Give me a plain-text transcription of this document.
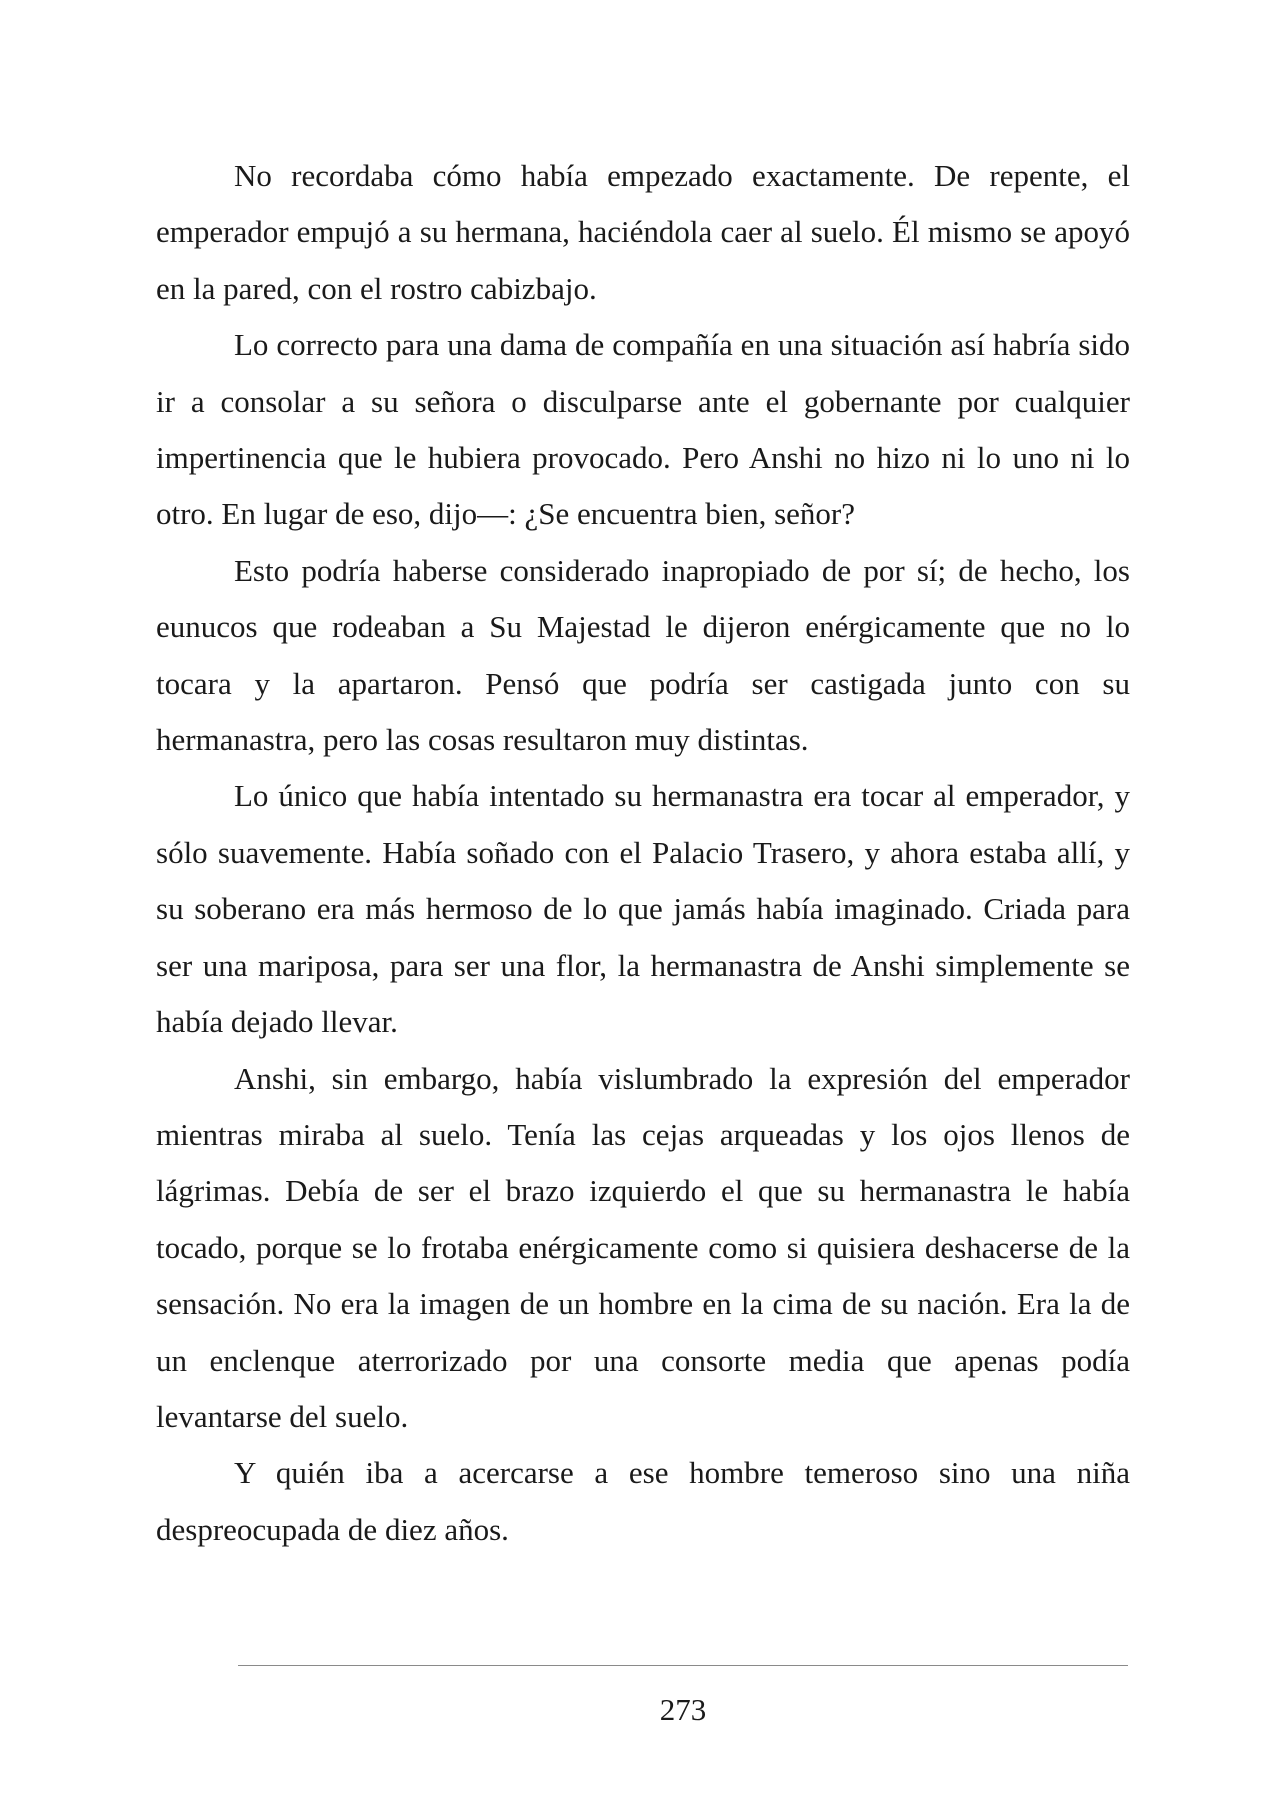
No recordaba cómo había empezado exactamente. De repente, el emperador empujó a su hermana, haciéndola caer al suelo. Él mismo se apoyó en la pared, con el rostro cabizbajo.

Lo correcto para una dama de compañía en una situación así habría sido ir a consolar a su señora o disculparse ante el gobernante por cualquier impertinencia que le hubiera provocado. Pero Anshi no hizo ni lo uno ni lo otro. En lugar de eso, dijo—: ¿Se encuentra bien, señor?

Esto podría haberse considerado inapropiado de por sí; de hecho, los eunucos que rodeaban a Su Majestad le dijeron enérgicamente que no lo tocara y la apartaron. Pensó que podría ser castigada junto con su hermanastra, pero las cosas resultaron muy distintas.

Lo único que había intentado su hermanastra era tocar al emperador, y sólo suavemente. Había soñado con el Palacio Trasero, y ahora estaba allí, y su soberano era más hermoso de lo que jamás había imaginado. Criada para ser una mariposa, para ser una flor, la hermanastra de Anshi simplemente se había dejado llevar.

Anshi, sin embargo, había vislumbrado la expresión del emperador mientras miraba al suelo. Tenía las cejas arqueadas y los ojos llenos de lágrimas. Debía de ser el brazo izquierdo el que su hermanastra le había tocado, porque se lo frotaba enérgicamente como si quisiera deshacerse de la sensación. No era la imagen de un hombre en la cima de su nación. Era la de un enclenque aterrorizado por una consorte media que apenas podía levantarse del suelo.

Y quién iba a acercarse a ese hombre temeroso sino una niña despreocupada de diez años.

273
